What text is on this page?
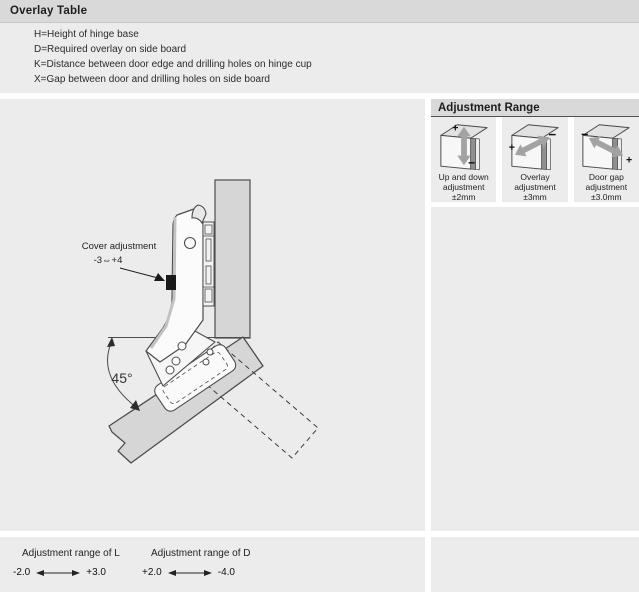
Overlay Table
H=Height of hinge base
D=Required overlay on side board
K=Distance between door edge and drilling holes on hinge cup
X=Gap between door and drilling holes on side board
45°
Cover adjustment
-3⇔+4
Adjustment Range
+
−
Up and down
adjustment
±2mm
+
−
Overlay
adjustment
±3mm
−
+
Door gap
adjustment
±3.0mm
Adjustment range of L
-2.0	+3.0
Adjustment range of D
+2.0	-4.0
